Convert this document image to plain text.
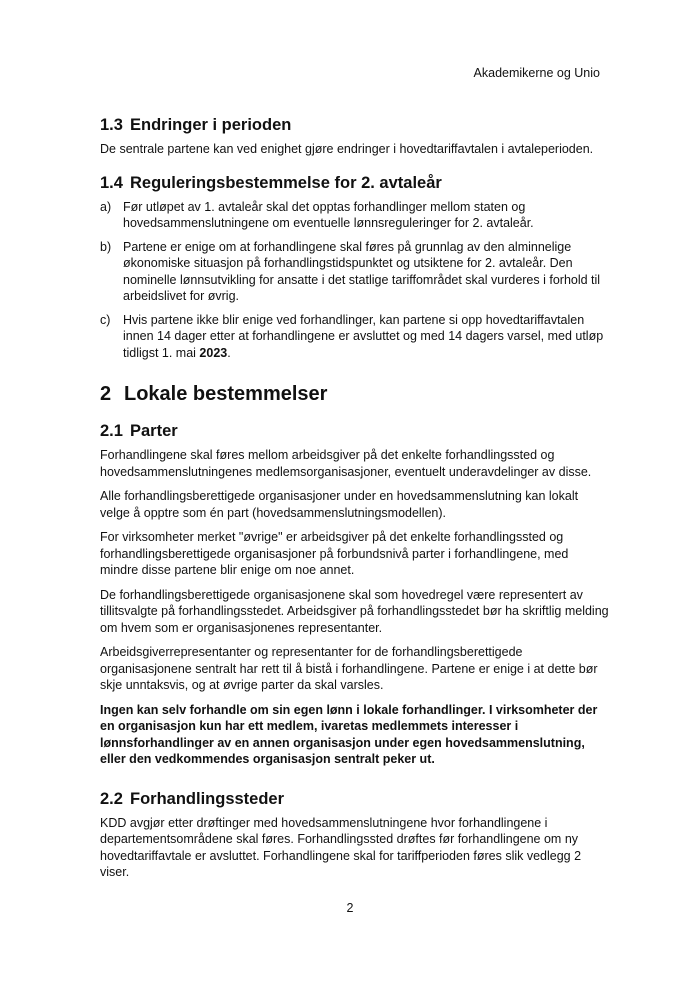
Akademikerne og Unio
1.3 Endringer i perioden

De sentrale partene kan ved enighet gjøre endringer i hovedtariffavtalen i avtaleperioden.

1.4 Reguleringsbestemmelse for 2. avtaleår
a) Før utløpet av 1. avtaleår skal det opptas forhandlinger mellom staten og hovedsammenslutningene om eventuelle lønnsreguleringer for 2. avtaleår.
b) Partene er enige om at forhandlingene skal føres på grunnlag av den alminnelige økonomiske situasjon på forhandlingstidspunktet og utsiktene for 2. avtaleår. Den nominelle lønnsutvikling for ansatte i det statlige tariffområdet skal vurderes i forhold til arbeidslivet for øvrig.
c) Hvis partene ikke blir enige ved forhandlinger, kan partene si opp hovedtariffavtalen innen 14 dager etter at forhandlingene er avsluttet og med 14 dagers varsel, med utløp tidligst 1. mai 2023.
2 Lokale bestemmelser
2.1 Parter

Forhandlingene skal føres mellom arbeidsgiver på det enkelte forhandlingssted og hovedsammenslutningenes medlemsorganisasjoner, eventuelt underavdelinger av disse.

Alle forhandlingsberettigede organisasjoner under en hovedsammenslutning kan lokalt velge å opptre som én part (hovedsammenslutningsmodellen).

For virksomheter merket "øvrige" er arbeidsgiver på det enkelte forhandlingssted og forhandlingsberettigede organisasjoner på forbundsnivå parter i forhandlingene, med mindre disse partene blir enige om noe annet.

De forhandlingsberettigede organisasjonene skal som hovedregel være representert av tillitsvalgte på forhandlingsstedet. Arbeidsgiver på forhandlingsstedet bør ha skriftlig melding om hvem som er organisasjonenes representanter.

Arbeidsgiverrepresentanter og representanter for de forhandlingsberettigede organisasjonene sentralt har rett til å bistå i forhandlingene. Partene er enige i at dette bør skje unntaksvis, og at øvrige parter da skal varsles.

Ingen kan selv forhandle om sin egen lønn i lokale forhandlinger. I virksomheter der en organisasjon kun har ett medlem, ivaretas medlemmets interesser i lønnsforhandlinger av en annen organisasjon under egen hovedsammenslutning, eller den vedkommendes organisasjon sentralt peker ut.

2.2 Forhandlingssteder

KDD avgjør etter drøftinger med hovedsammenslutningene hvor forhandlingene i departementsområdene skal føres. Forhandlingssted drøftes før forhandlingene om ny hovedtariffavtale er avsluttet. Forhandlingene skal for tariffperioden føres slik vedlegg 2 viser.

2
